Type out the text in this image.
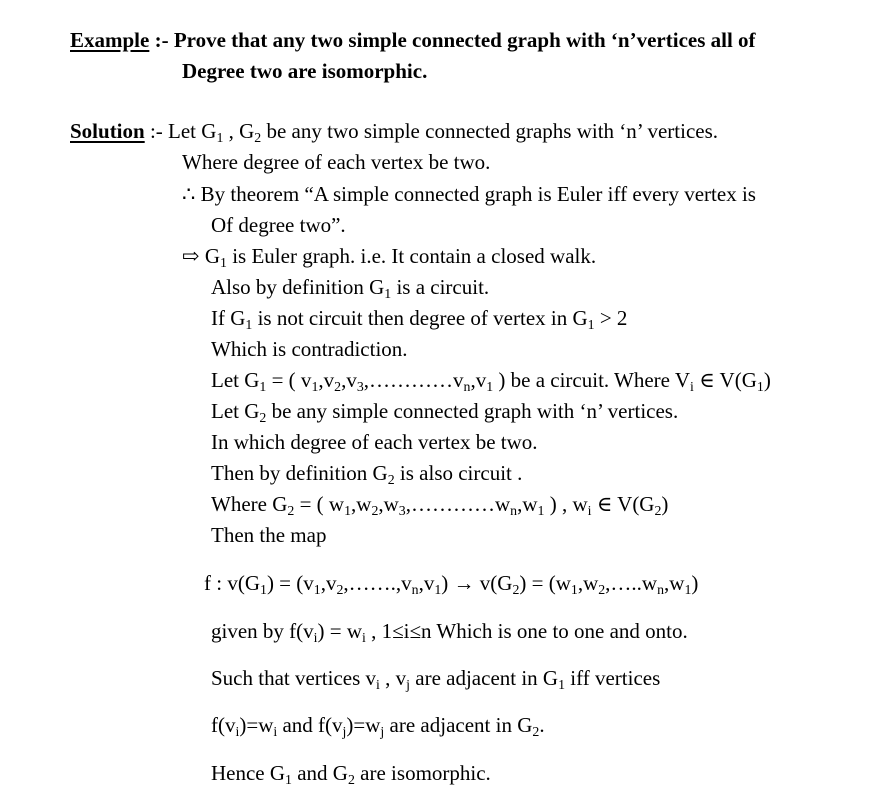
Example :- Prove that any two simple connected graph with ‘n’vertices all of
Degree two are isomorphic.
Solution :- Let $G_1$ , $G_2$ be any two simple connected graphs with ‘n’ vertices.
Where degree of each vertex be two.
∴ By theorem “A simple connected graph is Euler iff every vertex is
Of degree two”.
⇨ $G_1$ is Euler graph. i.e. It contain a closed walk.
Also by definition $G_1$ is a circuit.
If $G_1$ is not circuit then degree of vertex in $G_1 > 2$
Which is contradiction.
Let $G_1$ = ( $v_1,v_2,v_3,\dots\dots\dots\dots v_n,v_1$ ) be a circuit. Where $V_i$ ∈ $V(G_1)$
Let $G_2$ be any simple connected graph with ‘n’ vertices.
In which degree of each vertex be two.
Then by definition $G_2$ is also circuit .
Where $G_2$ = ( $w_1,w_2,w_3,\dots\dots\dots\dots w_n,w_1$ ) , $w_i$ ∈ $V(G_2)$
Then the map
f : $v(G_1)$ = $(v_1,v_2,\dots\dots.,v_n,v_1) \to v(G_2)$ = $(w_1,w_2,\dots..w_n,w_1)$
given by $f(v_i) = w_i$ , 1≤i≤n Which is one to one and onto.
Such that vertices $v_i$ , $v_j$ are adjacent in $G_1$ iff vertices
$f(v_i)=w_i$ and $f(v_j)=w_j$ are adjacent in $G_2$.
Hence $G_1$ and $G_2$ are isomorphic.
